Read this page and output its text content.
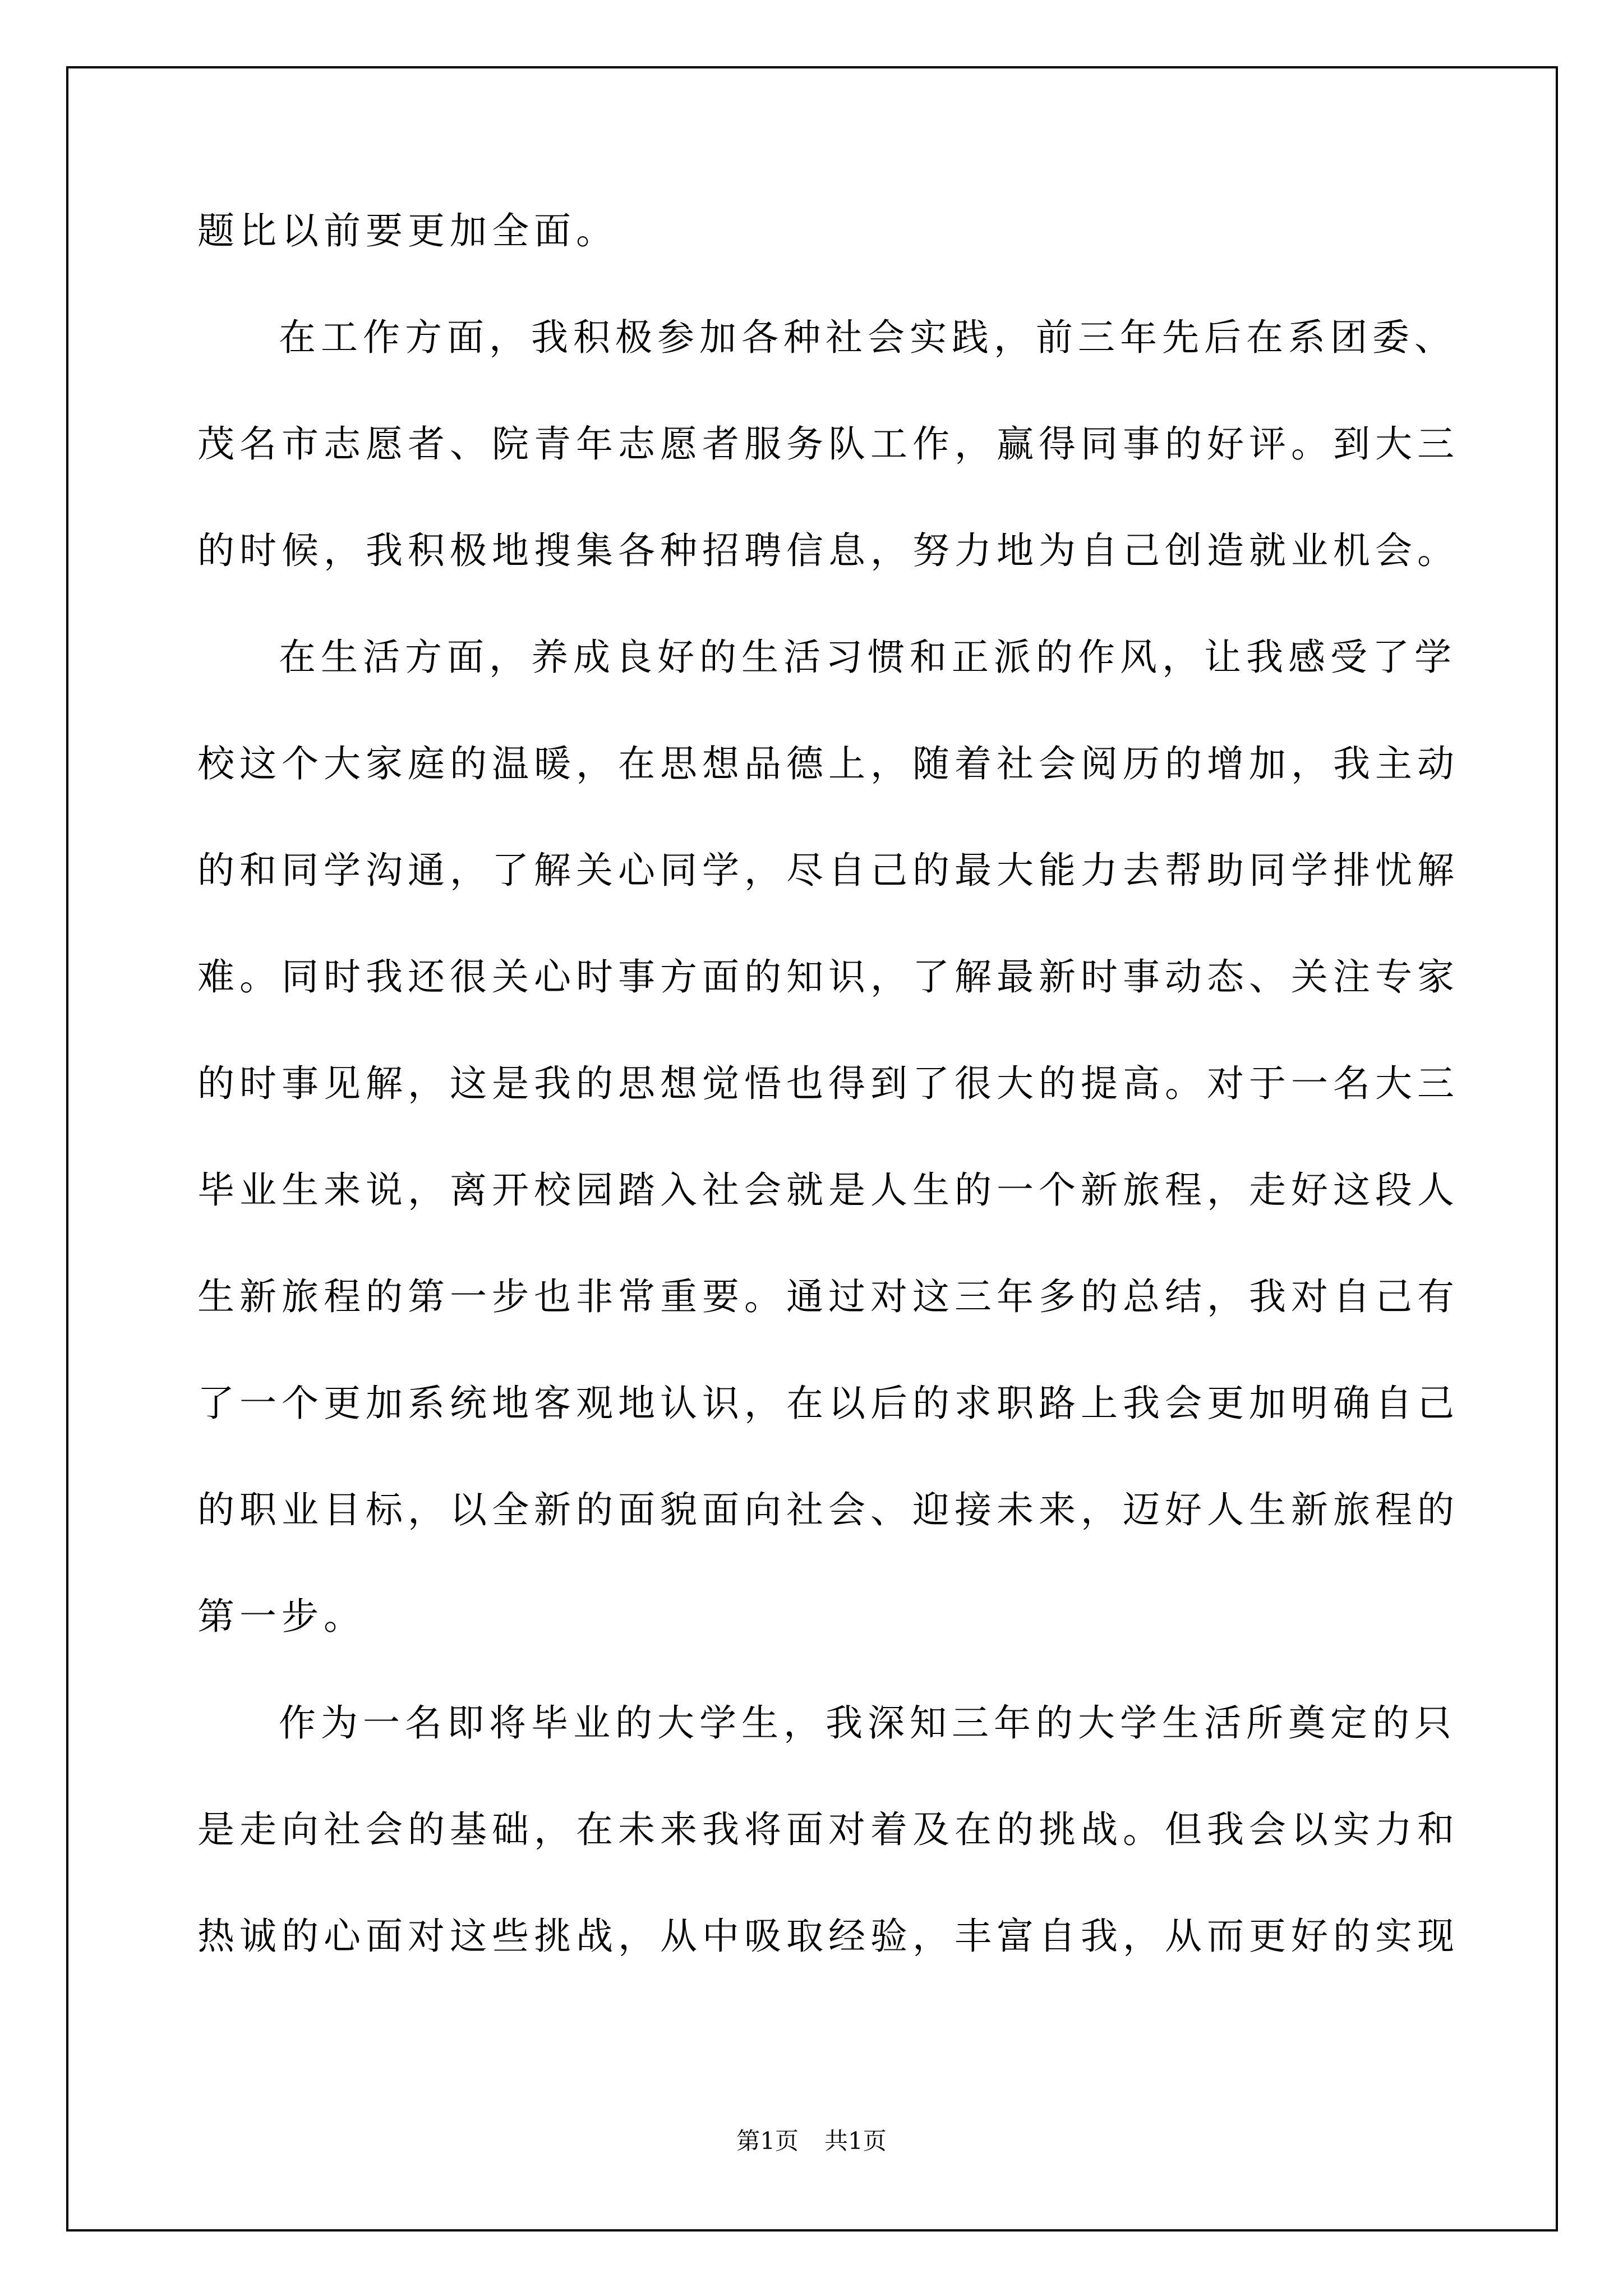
题比以前要更加全面。
在工作方面，我积极参加各种社会实践，前三年先后在系团委、
茂名市志愿者、院青年志愿者服务队工作，赢得同事的好评。到大三
的时候，我积极地搜集各种招聘信息，努力地为自己创造就业机会。
在生活方面，养成良好的生活习惯和正派的作风，让我感受了学
校这个大家庭的温暖，在思想品德上，随着社会阅历的增加，我主动
的和同学沟通，了解关心同学，尽自己的最大能力去帮助同学排忧解
难。同时我还很关心时事方面的知识，了解最新时事动态、关注专家
的时事见解，这是我的思想觉悟也得到了很大的提高。对于一名大三
毕业生来说，离开校园踏入社会就是人生的一个新旅程，走好这段人
生新旅程的第一步也非常重要。通过对这三年多的总结，我对自己有
了一个更加系统地客观地认识，在以后的求职路上我会更加明确自己
的职业目标，以全新的面貌面向社会、迎接未来，迈好人生新旅程的
第一步。
作为一名即将毕业的大学生，我深知三年的大学生活所奠定的只
是走向社会的基础，在未来我将面对着及在的挑战。但我会以实力和
热诚的心面对这些挑战，从中吸取经验，丰富自我，从而更好的实现
第1页 共1页
